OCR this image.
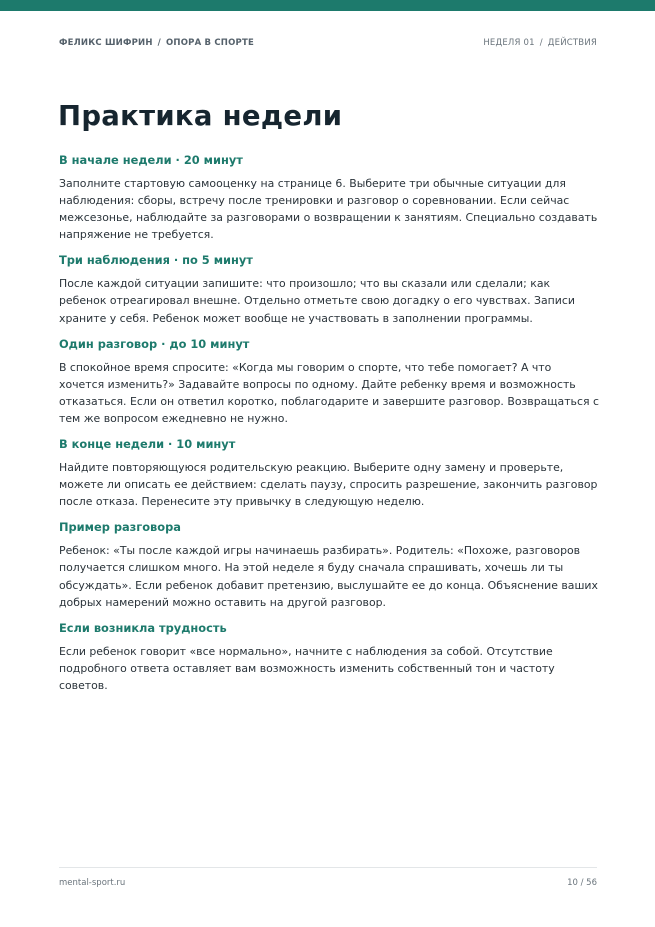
ФЕЛИКС ШИФРИН / ОПОРА В СПОРТЕ	НЕДЕЛЯ 01 / ДЕЙСТВИЯ
Практика недели
В начале недели · 20 минут

Заполните стартовую самооценку на странице 6. Выберите три обычные ситуации для наблюдения: сборы, встречу после тренировки и разговор о соревновании. Если сейчас межсезонье, наблюдайте за разговорами о возвращении к занятиям. Специально создавать напряжение не требуется.

Три наблюдения · по 5 минут

После каждой ситуации запишите: что произошло; что вы сказали или сделали; как ребенок отреагировал внешне. Отдельно отметьте свою догадку о его чувствах. Записи храните у себя. Ребенок может вообще не участвовать в заполнении программы.

Один разговор · до 10 минут

В спокойное время спросите: «Когда мы говорим о спорте, что тебе помогает? А что хочется изменить?» Задавайте вопросы по одному. Дайте ребенку время и возможность отказаться. Если он ответил коротко, поблагодарите и завершите разговор. Возвращаться с тем же вопросом ежедневно не нужно.

В конце недели · 10 минут

Найдите повторяющуюся родительскую реакцию. Выберите одну замену и проверьте, можете ли описать ее действием: сделать паузу, спросить разрешение, закончить разговор после отказа. Перенесите эту привычку в следующую неделю.

Пример разговора

Ребенок: «Ты после каждой игры начинаешь разбирать». Родитель: «Похоже, разговоров получается слишком много. На этой неделе я буду сначала спрашивать, хочешь ли ты обсуждать». Если ребенок добавит претензию, выслушайте ее до конца. Объяснение ваших добрых намерений можно оставить на другой разговор.

Если возникла трудность

Если ребенок говорит «все нормально», начните с наблюдения за собой. Отсутствие подробного ответа оставляет вам возможность изменить собственный тон и частоту советов.

mental-sport.ru	10 / 56
